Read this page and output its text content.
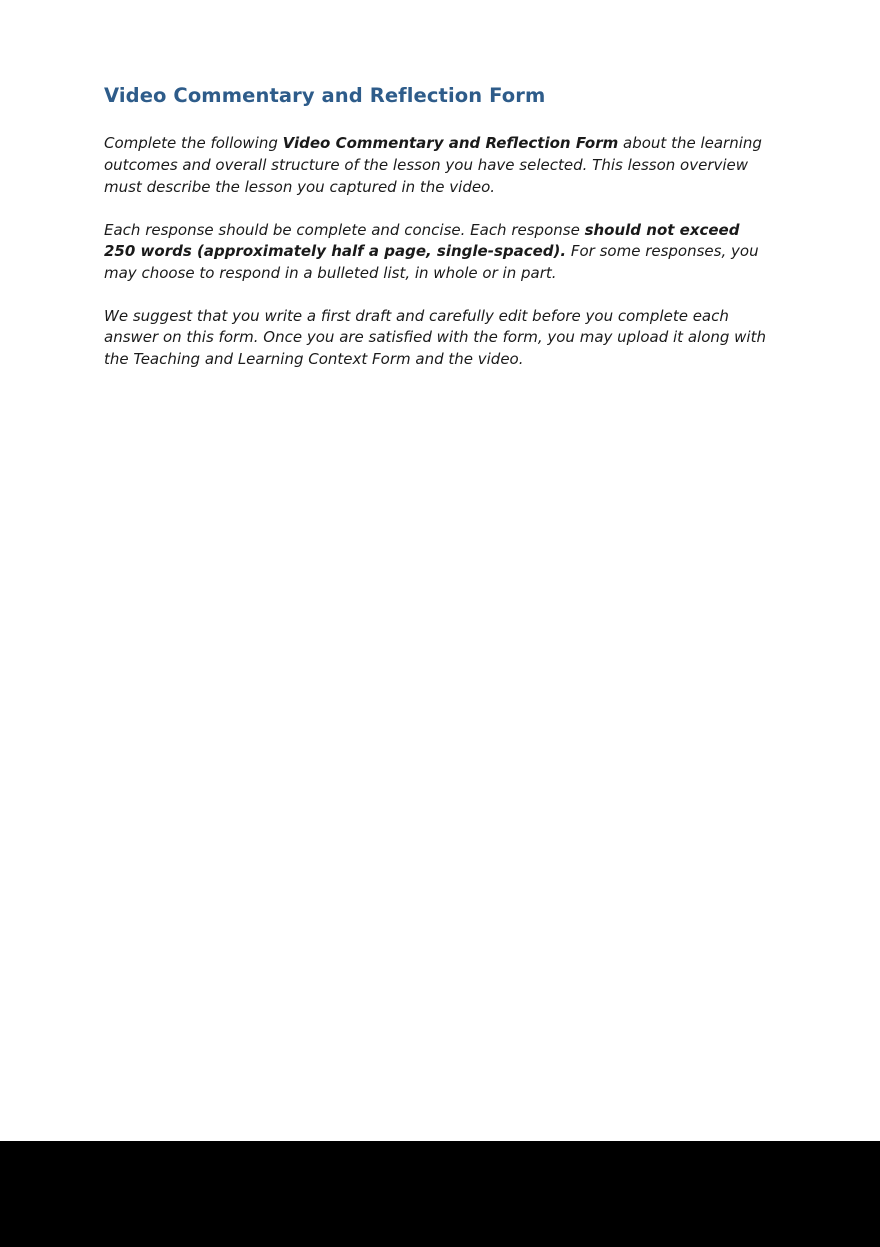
Video Commentary and Reflection Form

Complete the following Video Commentary and Reflection Form about the learning outcomes and overall structure of the lesson you have selected. This lesson overview must describe the lesson you captured in the video.

Each response should be complete and concise. Each response should not exceed 250 words (approximately half a page, single-spaced). For some responses, you may choose to respond in a bulleted list, in whole or in part.

We suggest that you write a first draft and carefully edit before you complete each answer on this form. Once you are satisfied with the form, you may upload it along with the Teaching and Learning Context Form and the video.
